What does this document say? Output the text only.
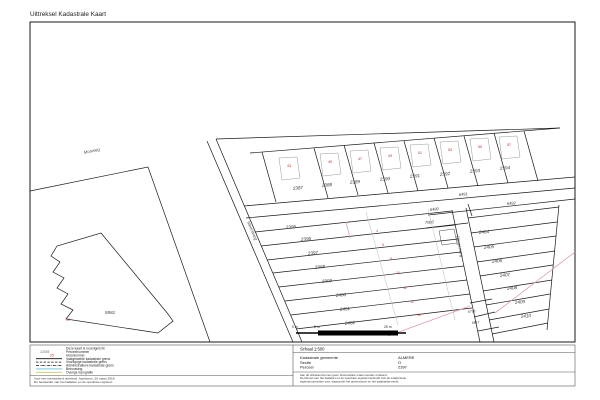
Uittreksel Kadastrale Kaart
Mosweg
5981
19
Meentweg
2387	2388	2389	2390	2391	2392	2393	2394
43
45
47
49
51
53
55	57
6491
6490
6492
7080
2395
2396
2397
2398
2399
2400
2401
2402
4
6
8
10
12
14
16
Slingerweg
6798
6817
2404
2405
2406
2407
2408
2409
2410
0 m	5 m	25 m
Deze kaart is noordgericht
12345
25
Perceelnummer
Huisnummer
Vastgestelde kadastrale grens
Voorlopige kadastrale grens
Administratieve kadastrale grens
Bebouwing
Overige topografie
Voor een eensluidend uittreksel, Apeldoorn, 26 maart 2018
De bewaarder van het kadaster en de openbare registers
Schaal 1:500
Kadastrale gemeente	ALMERE
Sectie	O
Perceel	2397
Aan dit uittreksel kunnen geen betrouwbare maten worden ontleend.
De Dienst voor het kadaster en de openbare registers behoudt zich de intellectuele
eigendomsrechten voor, waaronder het auteursrecht en het databankenrecht.
